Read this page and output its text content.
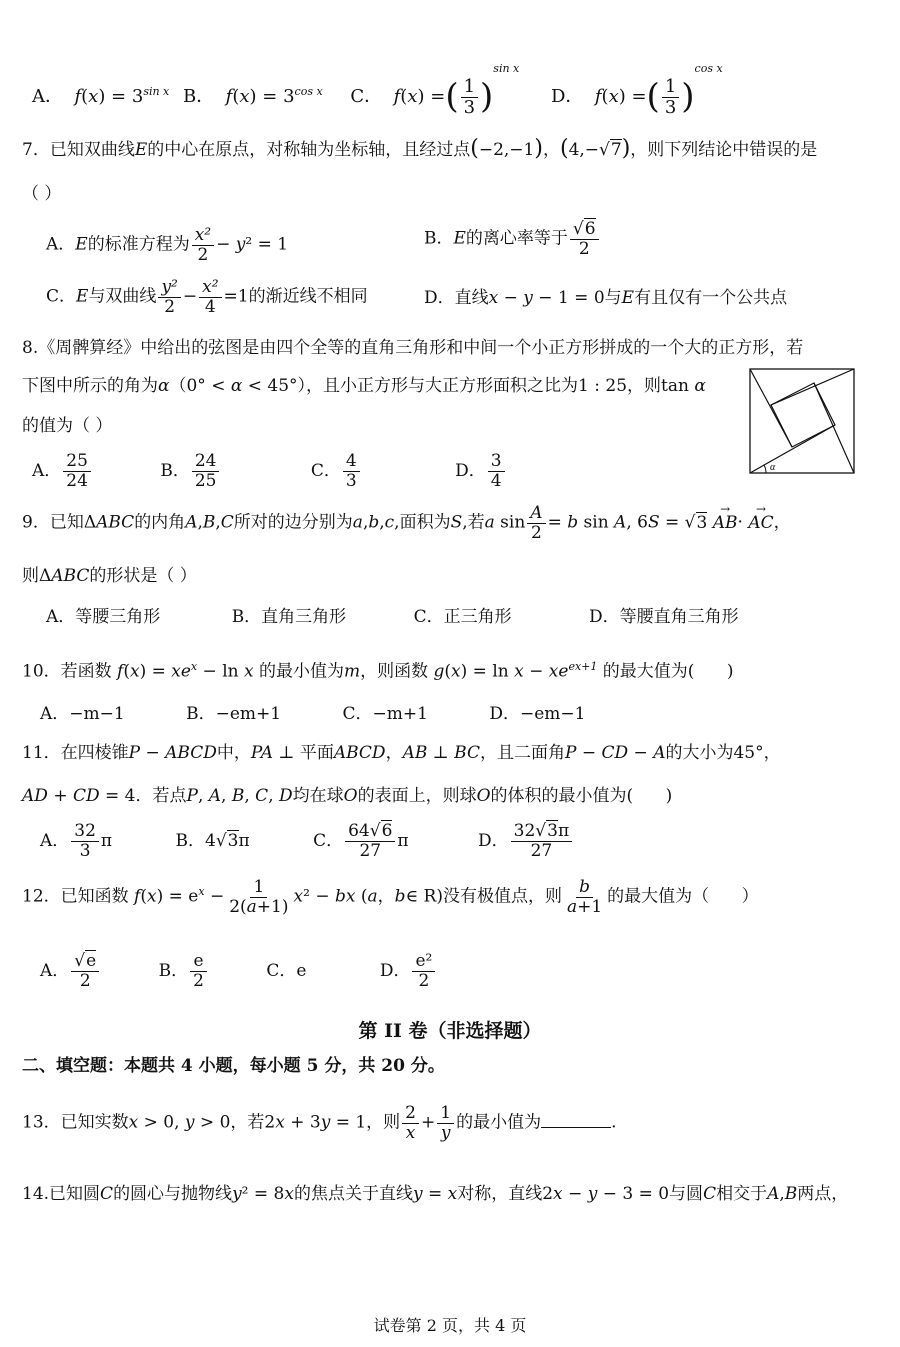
A．  $f(x) = 3^{sin x}$ B．  $f(x) = 3^{cos x}$ C．  f(x) =( $\frac{1}{3} )^{sin x}$ D．  f(x) =( $\frac{1}{3} )^{cos x}$
7．已知双曲线E的中心在原点，对称轴为坐标轴，且经过点(−2,−1)，(4,−√7)，则下列结论中错误的是
（ ）
A．E的标准方程为 $\frac{\text{x²}}{2} - y^2 = 1$	B．E的离心率等于 $\frac{√6}{2}$
C．E与双曲线 $\frac{\text{y²}}{2} - \frac{\text{x²}}{4} =1$的渐近线不相同	D．直线x − y − 1 = 0与E有且仅有一个公共点
8.《周髀算经》中给出的弦图是由四个全等的直角三角形和中间一个小正方形拼成的一个大的正方形，若
下图中所示的角为α（0° < α < 45°），且小正方形与大正方形面积之比为1 : 25，则tan α
的值为（ ）
α
A． $\frac{25}{24}$	B． $\frac{24}{25}$	C． $\frac{4}{3}$	D． $\frac{3}{4}$
9．已知ΔABC的内角A,B,C所对的边分别为a,b,c,面积为S,若a $\sin \frac{A}{2} = b$ sin A, 6S = √3 → AB· → AC，
则ΔABC的形状是（ ）
A．等腰三角形	B．直角三角形	C．正三角形	D．等腰直角三角形
10．若函数 $f(x) = xe^x - \ln x$ 的最小值为m，则函数 $g(x) = \ln x - xe^{ex+1}$ 的最大值为(      )
A．−m−1	B．−em+1	C．−m+1	D．−em−1
11．在四棱锥P − ABCD中，PA ⊥ 平面ABCD，AB ⊥ BC，且二面角P − CD − A的大小为45°，
AD + CD = 4．若点P, A, B, C, D均在球O的表面上，则球O的体积的最小值为(      )
A． $\frac{32}{3}$ π	B．4√3π	C． $\frac{64√6}{27}$ π	D． $\frac{32√3\pi}{27}$
12．已知函数 $f(x) = e^x - \frac{1}{2(a+1)} x^2$ − bx (a，b∈ R)没有极值点，则 $\frac{b}{a+1}$ 的最大值为（      ）
A． $\frac{√e}{2}$	B． $\frac{e}{2}$	C．e	D． $\frac{\text{e²}}{2}$
第 II 卷（非选择题）
二、填空题：本题共 4 小题，每小题 5 分，共 20 分。
13．已知实数x > 0, y > 0，若2x + 3y = 1，则 $\frac{2}{x} + \frac{1}{y}$ 的最小值为	.
14.已知圆C的圆心与抛物线y² = 8x的焦点关于直线y = x对称，直线2x − y − 3 = 0与圆C相交于A,B两点，
试卷第 2 页，共 4 页
